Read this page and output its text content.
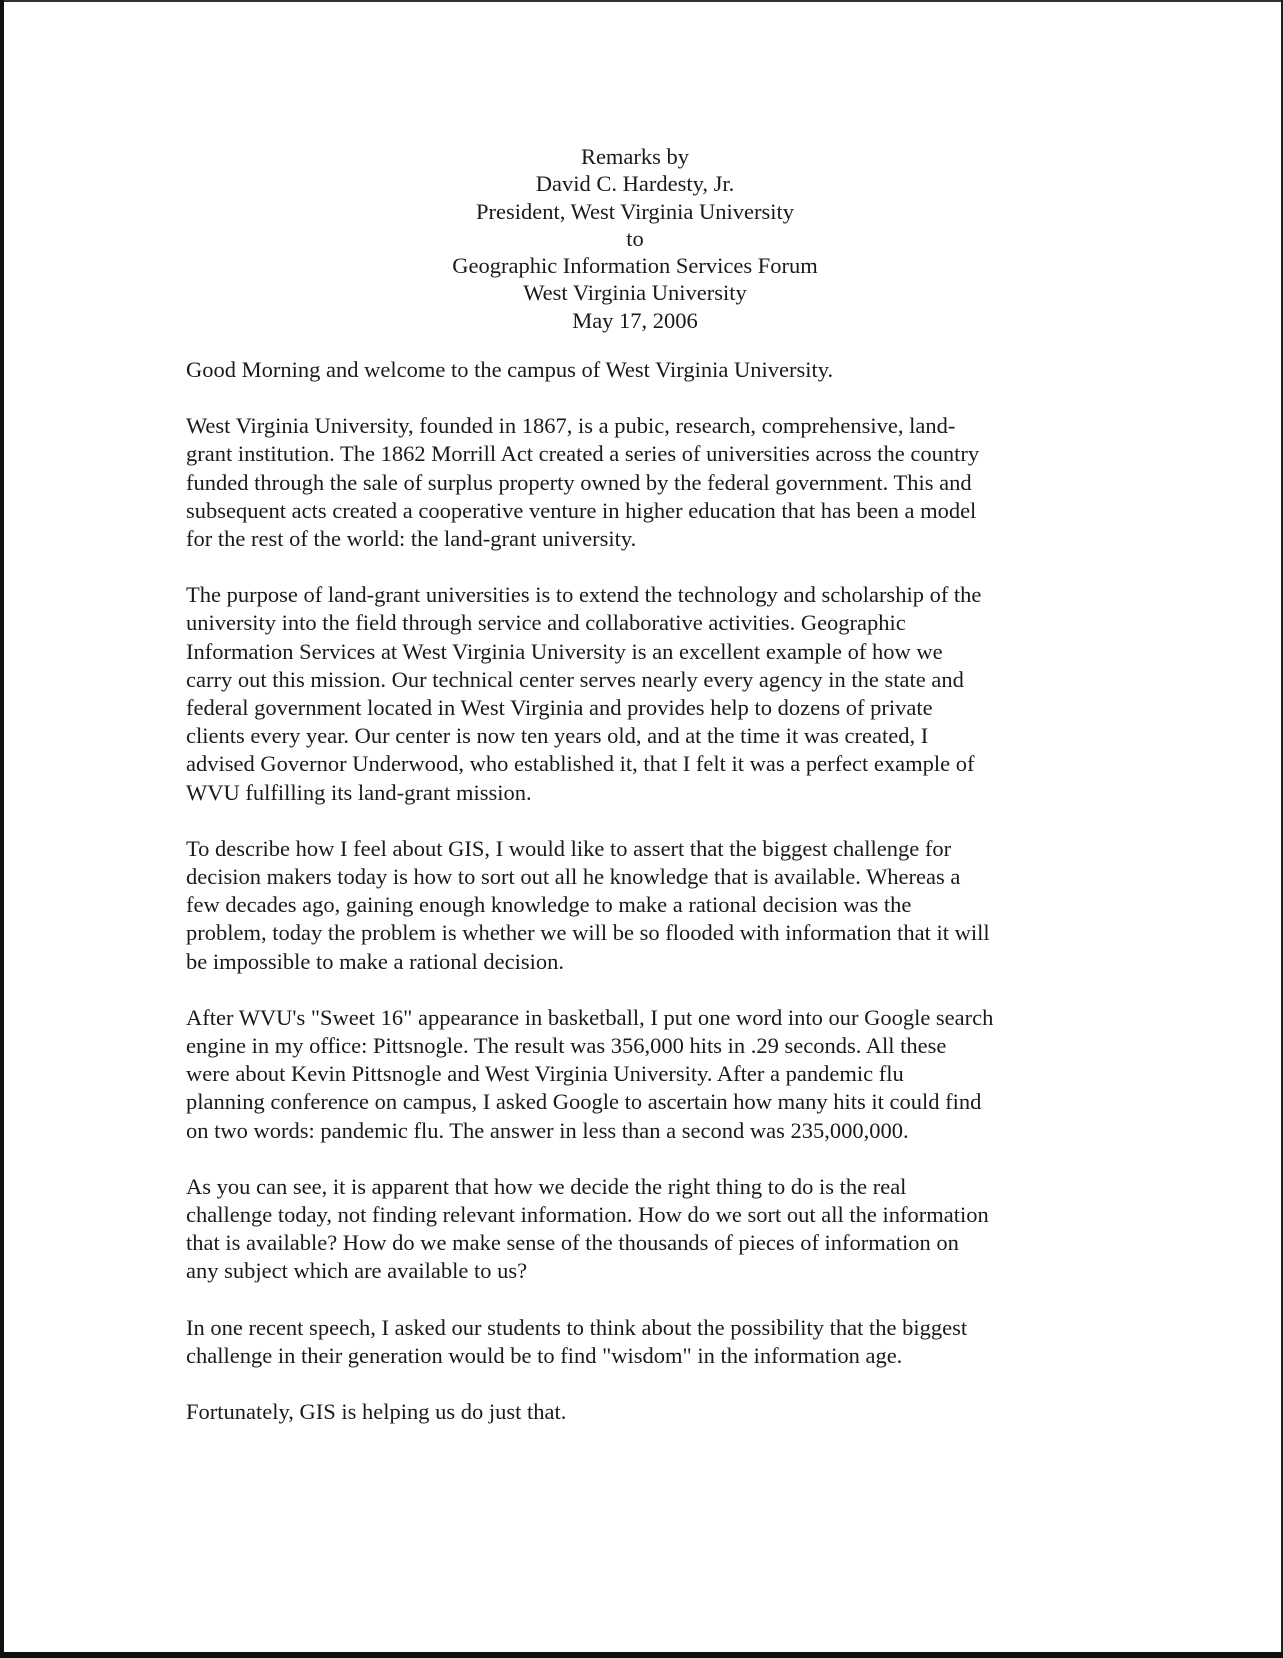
Remarks by
David C. Hardesty, Jr.
President, West Virginia University
to
Geographic Information Services Forum
West Virginia University
May 17, 2006

Good Morning and welcome to the campus of West Virginia University.

West Virginia University, founded in 1867, is a pubic, research, comprehensive, land-
grant institution. The 1862 Morrill Act created a series of universities across the country
funded through the sale of surplus property owned by the federal government. This and
subsequent acts created a cooperative venture in higher education that has been a model
for the rest of the world: the land-grant university.

The purpose of land-grant universities is to extend the technology and scholarship of the
university into the field through service and collaborative activities. Geographic
Information Services at West Virginia University is an excellent example of how we
carry out this mission. Our technical center serves nearly every agency in the state and
federal government located in West Virginia and provides help to dozens of private
clients every year. Our center is now ten years old, and at the time it was created, I
advised Governor Underwood, who established it, that I felt it was a perfect example of
WVU fulfilling its land-grant mission.

To describe how I feel about GIS, I would like to assert that the biggest challenge for
decision makers today is how to sort out all he knowledge that is available. Whereas a
few decades ago, gaining enough knowledge to make a rational decision was the
problem, today the problem is whether we will be so flooded with information that it will
be impossible to make a rational decision.

After WVU's "Sweet 16" appearance in basketball, I put one word into our Google search
engine in my office: Pittsnogle. The result was 356,000 hits in .29 seconds. All these
were about Kevin Pittsnogle and West Virginia University. After a pandemic flu
planning conference on campus, I asked Google to ascertain how many hits it could find
on two words: pandemic flu. The answer in less than a second was 235,000,000.

As you can see, it is apparent that how we decide the right thing to do is the real
challenge today, not finding relevant information. How do we sort out all the information
that is available? How do we make sense of the thousands of pieces of information on
any subject which are available to us?

In one recent speech, I asked our students to think about the possibility that the biggest
challenge in their generation would be to find "wisdom" in the information age.

Fortunately, GIS is helping us do just that.
